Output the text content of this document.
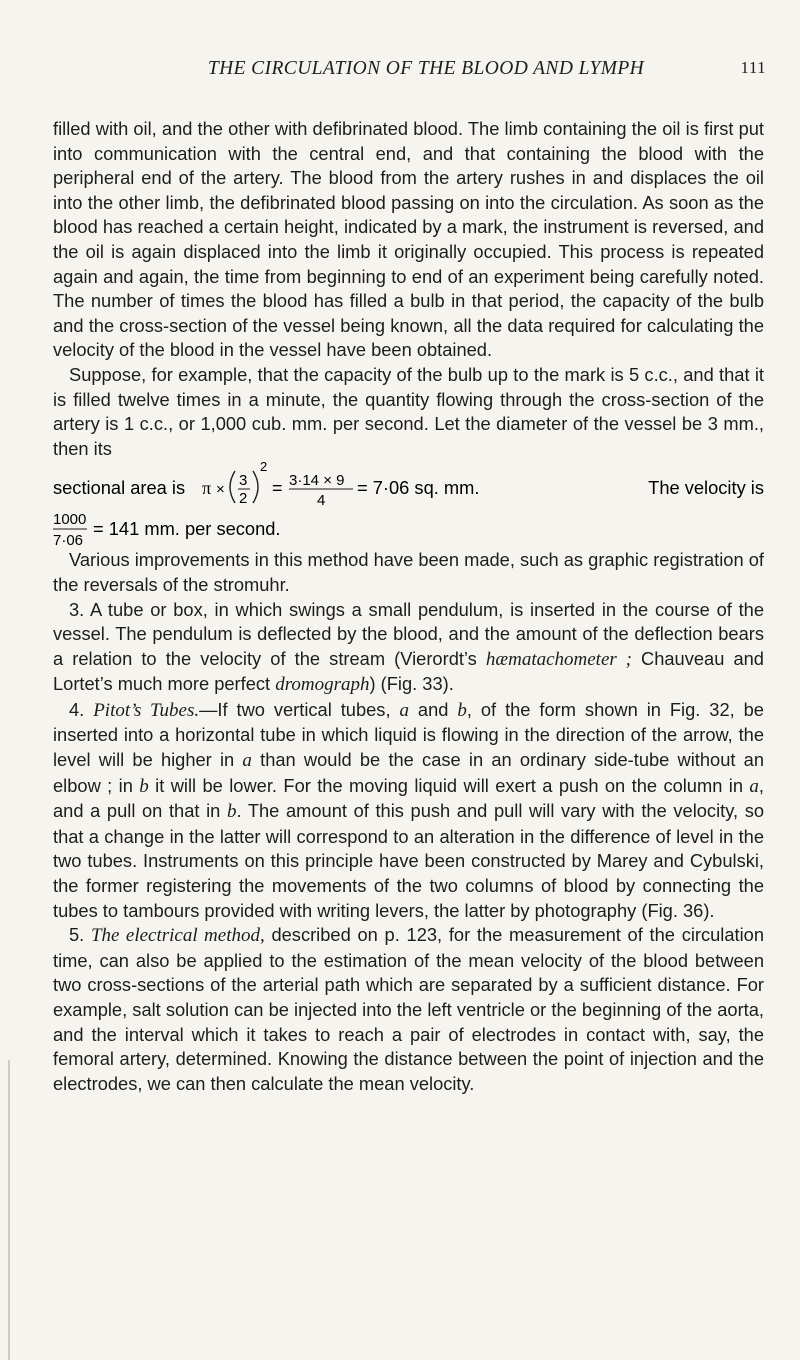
THE CIRCULATION OF THE BLOOD AND LYMPH	111

filled with oil, and the other with defibrinated blood. The limb containing the oil is first put into communication with the central end, and that containing the blood with the peripheral end of the artery. The blood from the artery rushes in and displaces the oil into the other limb, the defibrinated blood passing on into the circulation. As soon as the blood has reached a certain height, indicated by a mark, the instrument is reversed, and the oil is again displaced into the limb it originally occupied. This process is repeated again and again, the time from beginning to end of an experiment being carefully noted. The number of times the blood has filled a bulb in that period, the capacity of the bulb and the cross-section of the vessel being known, all the data required for calculating the velocity of the blood in the vessel have been obtained.

Suppose, for example, that the capacity of the bulb up to the mark is 5 c.c., and that it is filled twelve times in a minute, the quantity flowing through the cross-section of the artery is 1 c.c., or 1,000 cub. mm. per second. Let the diameter of the vessel be 3 mm., then its

sectional area is π ×
3
2
2
= 3·14 × 9
4
= 7·06 sq. mm.	The velocity is
1000
7·06
= 141 mm. per second.

Various improvements in this method have been made, such as graphic registration of the reversals of the stromuhr.

3. A tube or box, in which swings a small pendulum, is inserted in the course of the vessel. The pendulum is deflected by the blood, and the amount of the deflection bears a relation to the velocity of the stream (Vierordt’s hæmatachometer ; Chauveau and Lortet’s much more perfect dromograph) (Fig. 33).

4. Pitot’s Tubes.—If two vertical tubes, a and b, of the form shown in Fig. 32, be inserted into a horizontal tube in which liquid is flowing in the direction of the arrow, the level will be higher in a than would be the case in an ordinary side-tube without an elbow ; in b it will be lower. For the moving liquid will exert a push on the column in a, and a pull on that in b. The amount of this push and pull will vary with the velocity, so that a change in the latter will correspond to an alteration in the difference of level in the two tubes. Instruments on this principle have been constructed by Marey and Cybulski, the former registering the movements of the two columns of blood by connecting the tubes to tambours provided with writing levers, the latter by photography (Fig. 36).

5. The electrical method, described on p. 123, for the measurement of the circulation time, can also be applied to the estimation of the mean velocity of the blood between two cross-sections of the arterial path which are separated by a sufficient distance. For example, salt solution can be injected into the left ventricle or the beginning of the aorta, and the interval which it takes to reach a pair of electrodes in contact with, say, the femoral artery, determined. Knowing the distance between the point of injection and the electrodes, we can then calculate the mean velocity.
